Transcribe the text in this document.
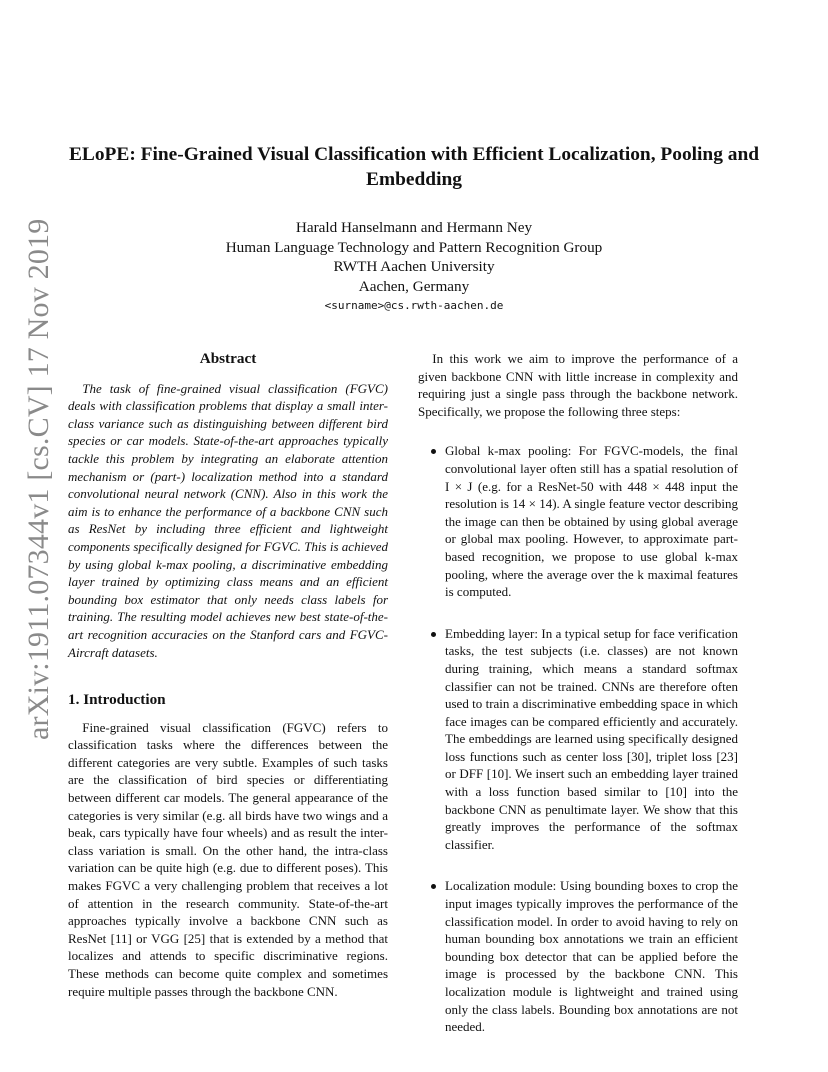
arXiv:1911.07344v1 [cs.CV] 17 Nov 2019
ELoPE: Fine-Grained Visual Classification with Efficient Localization, Pooling and Embedding
Harald Hanselmann and Hermann Ney
Human Language Technology and Pattern Recognition Group
RWTH Aachen University
Aachen, Germany
<surname>@cs.rwth-aachen.de
Abstract

The task of fine-grained visual classification (FGVC) deals with classification problems that display a small inter-class variance such as distinguishing between different bird species or car models. State-of-the-art approaches typically tackle this problem by integrating an elaborate attention mechanism or (part-) localization method into a standard convolutional neural network (CNN). Also in this work the aim is to enhance the performance of a backbone CNN such as ResNet by including three efficient and lightweight components specifically designed for FGVC. This is achieved by using global k-max pooling, a discriminative embedding layer trained by optimizing class means and an efficient bounding box estimator that only needs class labels for training. The resulting model achieves new best state-of-the-art recognition accuracies on the Stanford cars and FGVC-Aircraft datasets.

1. Introduction

Fine-grained visual classification (FGVC) refers to classification tasks where the differences between the different categories are very subtle. Examples of such tasks are the classification of bird species or differentiating between different car models. The general appearance of the categories is very similar (e.g. all birds have two wings and a beak, cars typically have four wheels) and as result the inter-class variation is small. On the other hand, the intra-class variation can be quite high (e.g. due to different poses). This makes FGVC a very challenging problem that receives a lot of attention in the research community. State-of-the-art approaches typically involve a backbone CNN such as ResNet [11] or VGG [25] that is extended by a method that localizes and attends to specific discriminative regions. These methods can become quite complex and sometimes require multiple passes through the backbone CNN.

In this work we aim to improve the performance of a given backbone CNN with little increase in complexity and requiring just a single pass through the backbone network. Specifically, we propose the following three steps:

Global k-max pooling: For FGVC-models, the final convolutional layer often still has a spatial resolution of I × J (e.g. for a ResNet-50 with 448 × 448 input the resolution is 14 × 14). A single feature vector describing the image can then be obtained by using global average or global max pooling. However, to approximate part-based recognition, we propose to use global k-max pooling, where the average over the k maximal features is computed.

Embedding layer: In a typical setup for face verification tasks, the test subjects (i.e. classes) are not known during training, which means a standard softmax classifier can not be trained. CNNs are therefore often used to train a discriminative embedding space in which face images can be compared efficiently and accurately. The embeddings are learned using specifically designed loss functions such as center loss [30], triplet loss [23] or DFF [10]. We insert such an embedding layer trained with a loss function based similar to [10] into the backbone CNN as penultimate layer. We show that this greatly improves the performance of the softmax classifier.

Localization module: Using bounding boxes to crop the input images typically improves the performance of the classification model. In order to avoid having to rely on human bounding box annotations we train an efficient bounding box detector that can be applied before the image is processed by the backbone CNN. This localization module is lightweight and trained using only the class labels. Bounding box annotations are not needed.
